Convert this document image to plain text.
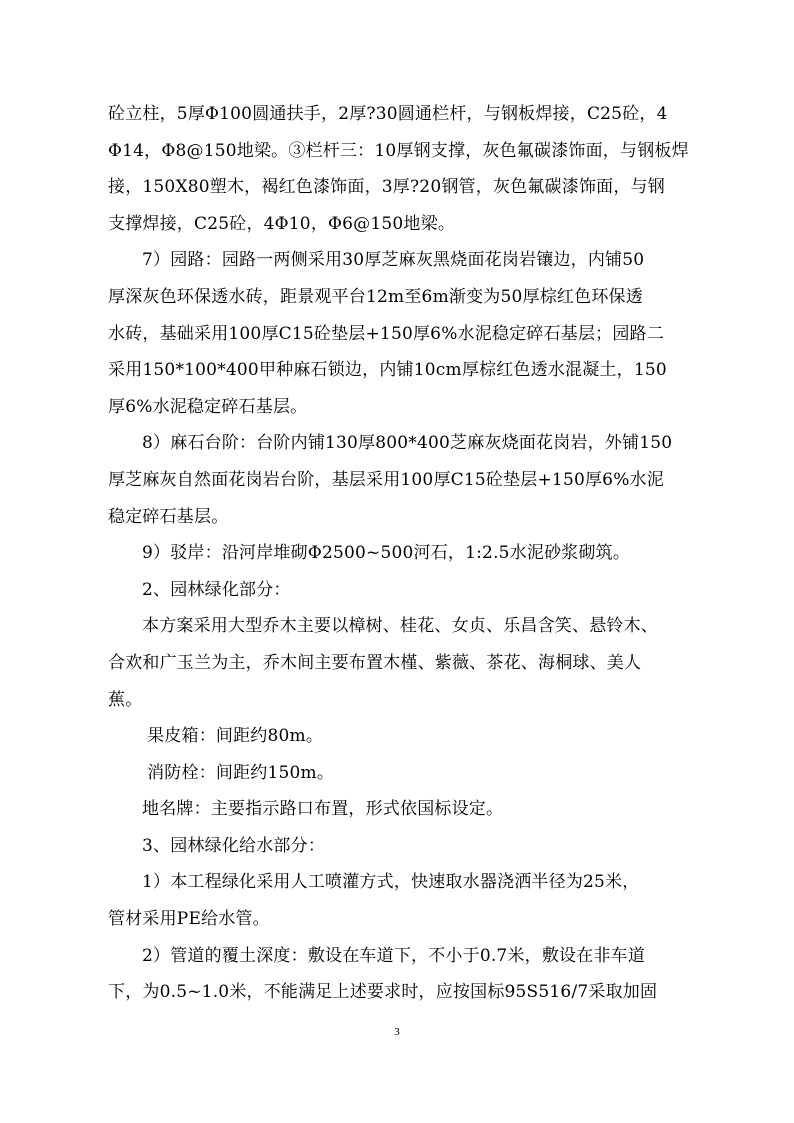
砼立柱，5厚Φ100圆通扶手，2厚?30圆通栏杆，与钢板焊接，C25砼，4
Φ14，Φ8@150地梁。③栏杆三：10厚钢支撑，灰色氟碳漆饰面，与钢板焊
接，150X80塑木，褐红色漆饰面，3厚?20钢管，灰色氟碳漆饰面，与钢
支撑焊接，C25砼，4Φ10，Φ6@150地梁。

7）园路：园路一两侧采用30厚芝麻灰黑烧面花岗岩镶边，内铺50
厚深灰色环保透水砖，距景观平台12m至6m渐变为50厚棕红色环保透
水砖，基础采用100厚C15砼垫层+150厚6%水泥稳定碎石基层；园路二
采用150*100*400甲种麻石锁边，内铺10cm厚棕红色透水混凝土，150
厚6%水泥稳定碎石基层。

8）麻石台阶：台阶内铺130厚800*400芝麻灰烧面花岗岩，外铺150
厚芝麻灰自然面花岗岩台阶，基层采用100厚C15砼垫层+150厚6%水泥
稳定碎石基层。

9）驳岸：沿河岸堆砌Φ2500~500河石，1:2.5水泥砂浆砌筑。

2、园林绿化部分：

本方案采用大型乔木主要以樟树、桂花、女贞、乐昌含笑、悬铃木、
合欢和广玉兰为主，乔木间主要布置木槿、紫薇、茶花、海桐球、美人
蕉。

果皮箱：间距约80m。

消防栓：间距约150m。

地名牌：主要指示路口布置，形式依国标设定。

3、园林绿化给水部分：

1）本工程绿化采用人工喷灌方式，快速取水器浇洒半径为25米，
管材采用PE给水管。

2）管道的覆土深度：敷设在车道下，不小于0.7米，敷设在非车道
下，为0.5~1.0米，不能满足上述要求时，应按国标95S516/7采取加固

3
